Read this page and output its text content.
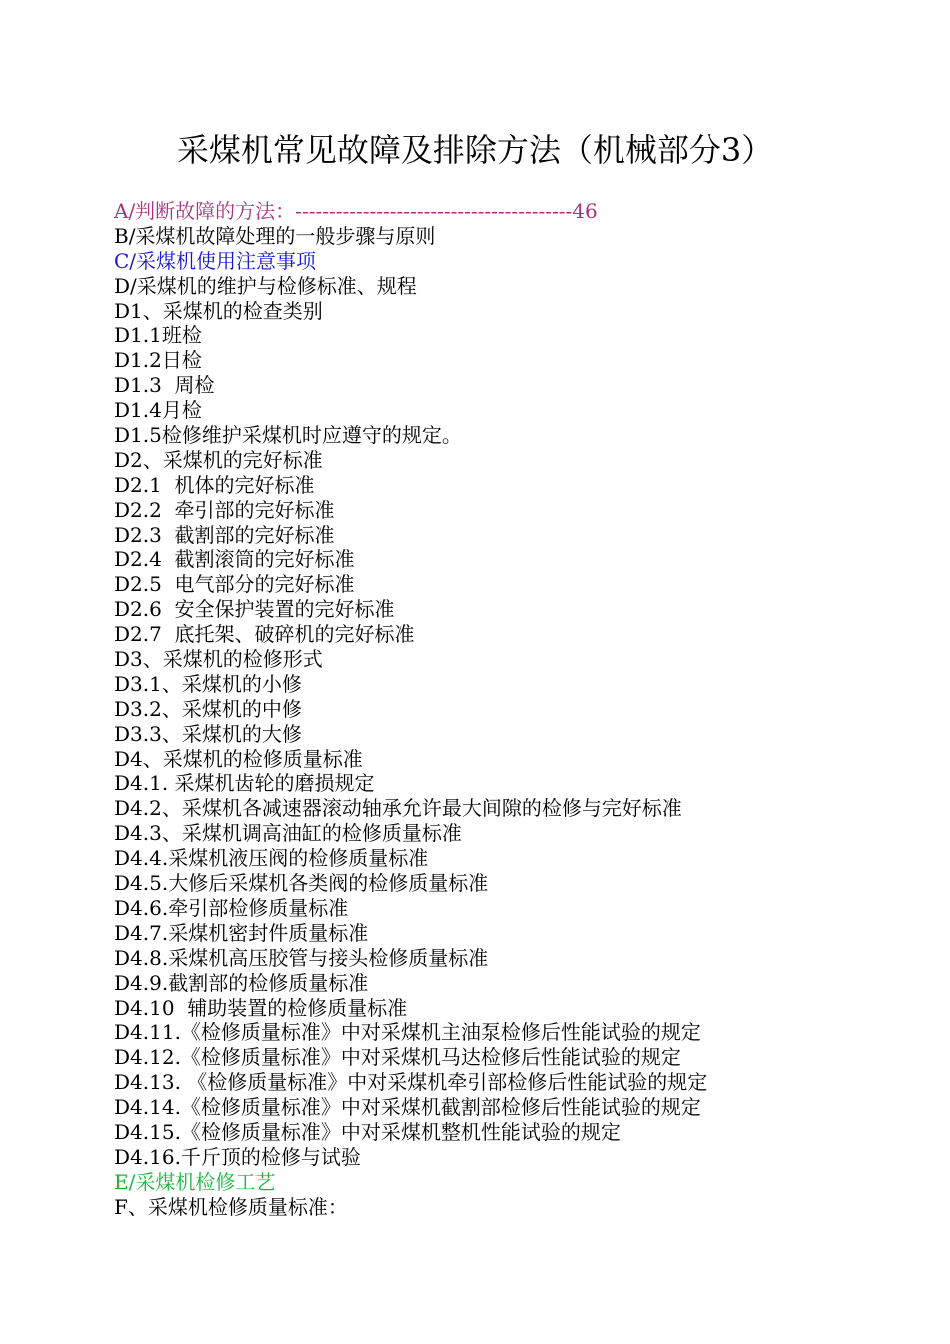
采煤机常见故障及排除方法（机械部分3）
A/判断故障的方法：-----------------------------------------46
B/采煤机故障处理的一般步骤与原则
C/采煤机使用注意事项
D/采煤机的维护与检修标准、规程
D1、采煤机的检查类别
D1.1班检
D1.2日检
D1.3  周检
D1.4月检
D1.5检修维护采煤机时应遵守的规定。
D2、采煤机的完好标准
D2.1  机体的完好标准
D2.2  牵引部的完好标准
D2.3  截割部的完好标准
D2.4  截割滚筒的完好标准
D2.5  电气部分的完好标准
D2.6  安全保护装置的完好标准
D2.7  底托架、破碎机的完好标准
D3、采煤机的检修形式
D3.1、采煤机的小修
D3.2、采煤机的中修
D3.3、采煤机的大修
D4、采煤机的检修质量标准
D4.1. 采煤机齿轮的磨损规定
D4.2、采煤机各减速器滚动轴承允许最大间隙的检修与完好标准
D4.3、采煤机调高油缸的检修质量标准
D4.4.采煤机液压阀的检修质量标准
D4.5.大修后采煤机各类阀的检修质量标准
D4.6.牵引部检修质量标准
D4.7.采煤机密封件质量标准
D4.8.采煤机高压胶管与接头检修质量标准
D4.9.截割部的检修质量标准
D4.10  辅助装置的检修质量标准
D4.11.《检修质量标准》中对采煤机主油泵检修后性能试验的规定
D4.12.《检修质量标准》中对采煤机马达检修后性能试验的规定
D4.13. 《检修质量标准》中对采煤机牵引部检修后性能试验的规定
D4.14.《检修质量标准》中对采煤机截割部检修后性能试验的规定
D4.15.《检修质量标准》中对采煤机整机性能试验的规定
D4.16.千斤顶的检修与试验
E/采煤机检修工艺
F、采煤机检修质量标准：
